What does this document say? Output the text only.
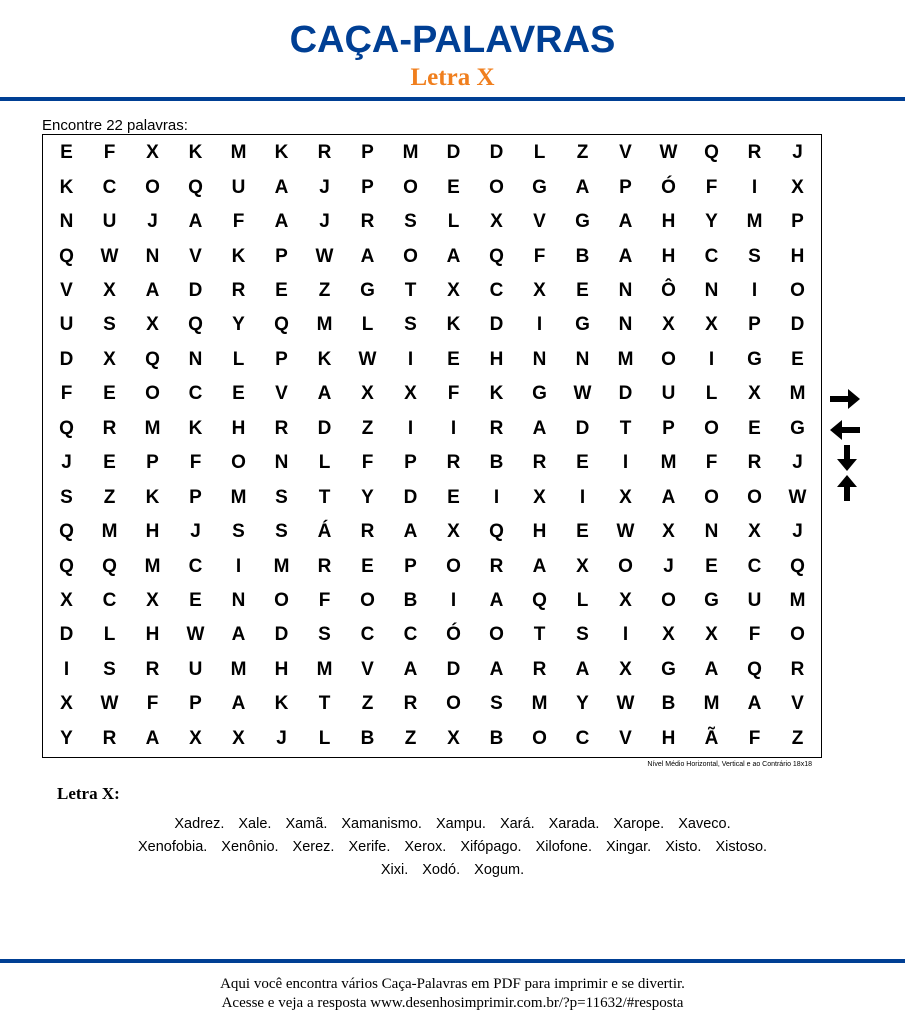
CAÇA-PALAVRAS
Letra X
Encontre 22 palavras:
E	F	X	K	M	K	R	P	M	D	D	L	Z	V	W	Q	R	J
K	C	O	Q	U	A	J	P	O	E	O	G	A	P	Ó	F	I	X
N	U	J	A	F	A	J	R	S	L	X	V	G	A	H	Y	M	P
Q	W	N	V	K	P	W	A	O	A	Q	F	B	A	H	C	S	H
V	X	A	D	R	E	Z	G	T	X	C	X	E	N	Ô	N	I	O
U	S	X	Q	Y	Q	M	L	S	K	D	I	G	N	X	X	P	D
D	X	Q	N	L	P	K	W	I	E	H	N	N	M	O	I	G	E
F	E	O	C	E	V	A	X	X	F	K	G	W	D	U	L	X	M
Q	R	M	K	H	R	D	Z	I	I	R	A	D	T	P	O	E	G
J	E	P	F	O	N	L	F	P	R	B	R	E	I	M	F	R	J
S	Z	K	P	M	S	T	Y	D	E	I	X	I	X	A	O	O	W
Q	M	H	J	S	S	Á	R	A	X	Q	H	E	W	X	N	X	J
Q	Q	M	C	I	M	R	E	P	O	R	A	X	O	J	E	C	Q
X	C	X	E	N	O	F	O	B	I	A	Q	L	X	O	G	U	M
D	L	H	W	A	D	S	C	C	Ó	O	T	S	I	X	X	F	O
I	S	R	U	M	H	M	V	A	D	A	R	A	X	G	A	Q	R
X	W	F	P	A	K	T	Z	R	O	S	M	Y	W	B	M	A	V
Y	R	A	X	X	J	L	B	Z	X	B	O	C	V	H	Ã	F	Z
Nível Médio Horizontal, Vertical e ao Contrário 18x18
Letra X:
Xadrez. Xale. Xamã. Xamanismo. Xampu. Xará. Xarada. Xarope. Xaveco.
Xenofobia. Xenônio. Xerez. Xerife. Xerox. Xifópago. Xilofone. Xingar. Xisto. Xistoso.
Xixi. Xodó. Xogum.
Aqui você encontra vários Caça-Palavras em PDF para imprimir e se divertir.
Acesse e veja a resposta www.desenhosimprimir.com.br/?p=11632/#resposta
